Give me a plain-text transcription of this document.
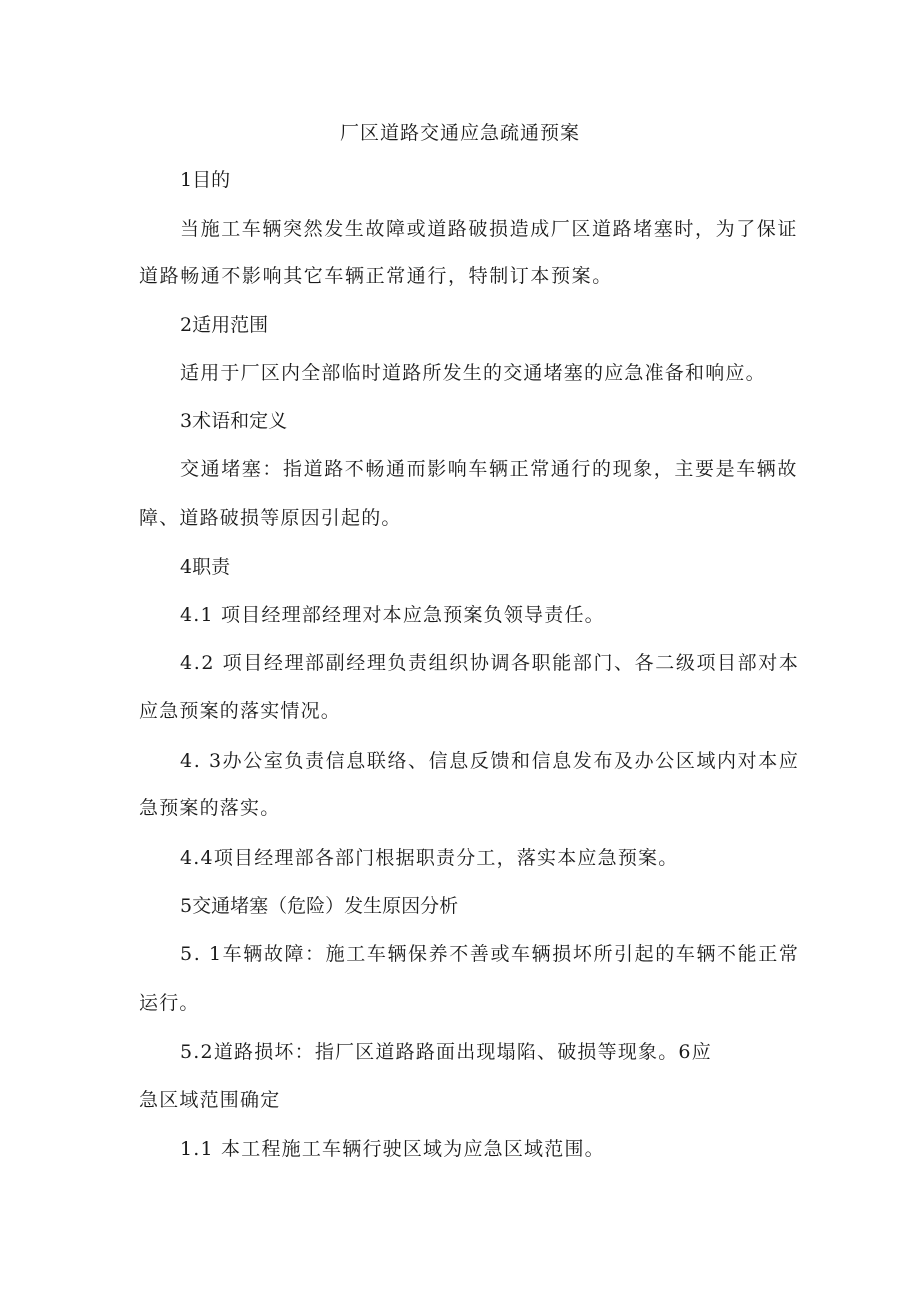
厂区道路交通应急疏通预案
1目的
当施工车辆突然发生故障或道路破损造成厂区道路堵塞时，为了保证
道路畅通不影响其它车辆正常通行，特制订本预案。
2适用范围
适用于厂区内全部临时道路所发生的交通堵塞的应急准备和响应。
3术语和定义
交通堵塞：指道路不畅通而影响车辆正常通行的现象，主要是车辆故
障、道路破损等原因引起的。
4职责
4.1 项目经理部经理对本应急预案负领导责任。
4.2 项目经理部副经理负责组织协调各职能部门、各二级项目部对本
应急预案的落实情况。
4. 3办公室负责信息联络、信息反馈和信息发布及办公区域内对本应
急预案的落实。
4.4项目经理部各部门根据职责分工，落实本应急预案。
5交通堵塞（危险）发生原因分析
5. 1车辆故障：施工车辆保养不善或车辆损坏所引起的车辆不能正常
运行。
5.2道路损坏：指厂区道路路面出现塌陷、破损等现象。6应
急区域范围确定
1.1 本工程施工车辆行驶区域为应急区域范围。
